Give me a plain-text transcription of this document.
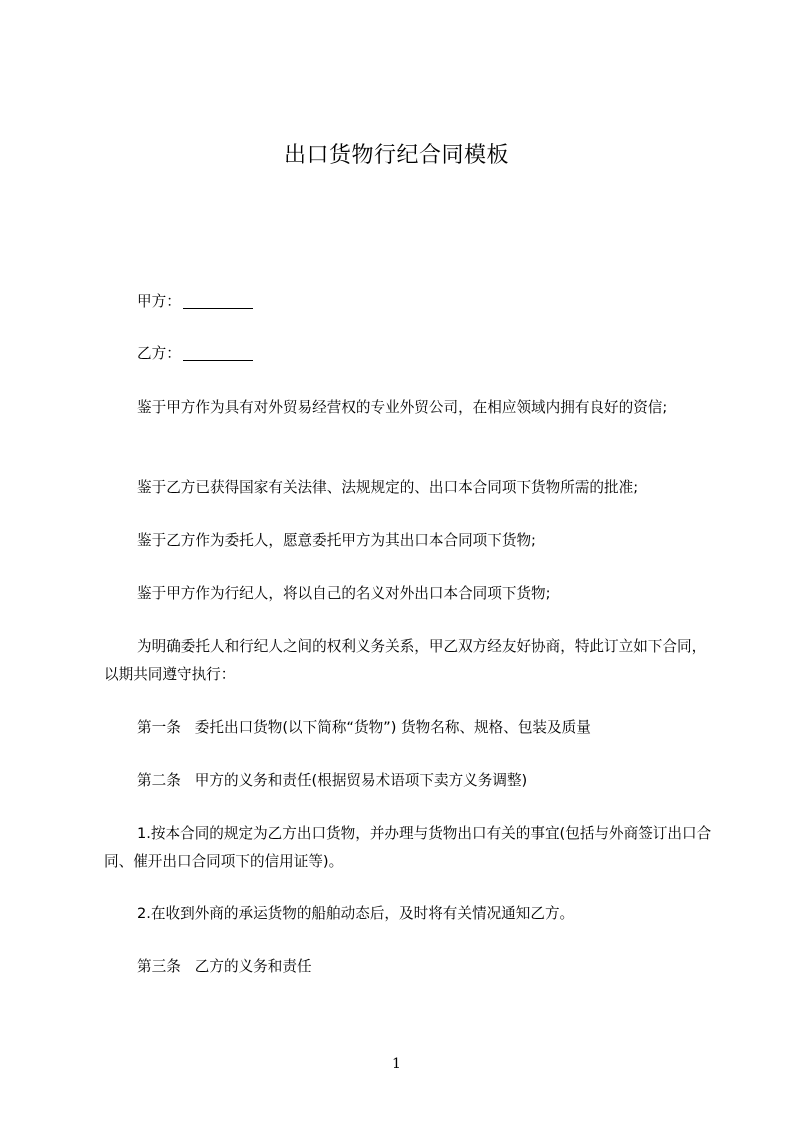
出口货物行纪合同模板
甲方：
乙方：
鉴于甲方作为具有对外贸易经营权的专业外贸公司，在相应领域内拥有良好的资信;
鉴于乙方已获得国家有关法律、法规规定的、出口本合同项下货物所需的批准;
鉴于乙方作为委托人，愿意委托甲方为其出口本合同项下货物;
鉴于甲方作为行纪人，将以自己的名义对外出口本合同项下货物;
为明确委托人和行纪人之间的权利义务关系，甲乙双方经友好协商，特此订立如下合同，以期共同遵守执行：
第一条 委托出口货物(以下简称“货物”) 货物名称、规格、包装及质量
第二条 甲方的义务和责任(根据贸易术语项下卖方义务调整)
1.按本合同的规定为乙方出口货物，并办理与货物出口有关的事宜(包括与外商签订出口合同、催开出口合同项下的信用证等)。
2.在收到外商的承运货物的船舶动态后，及时将有关情况通知乙方。
第三条 乙方的义务和责任
1
